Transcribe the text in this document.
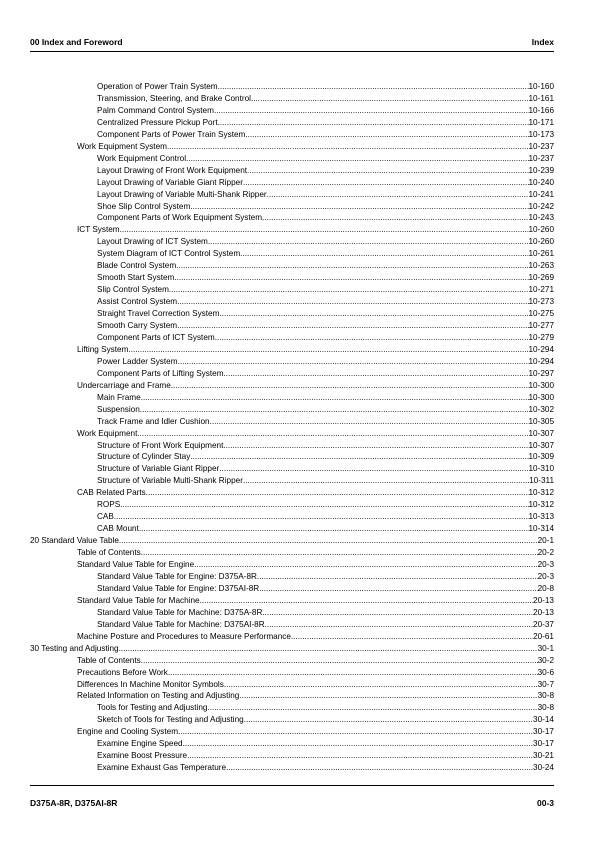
00 Index and Foreword	Index
Operation of Power Train System .....	10-160
Transmission, Steering, and Brake Control .....	10-161
Palm Command Control System .....	10-166
Centralized Pressure Pickup Port .....	10-171
Component Parts of Power Train System .....	10-173
Work Equipment System .....	10-237
Work Equipment Control .....	10-237
Layout Drawing of Front Work Equipment .....	10-239
Layout Drawing of Variable Giant Ripper .....	10-240
Layout Drawing of Variable Multi-Shank Ripper .....	10-241
Shoe Slip Control System .....	10-242
Component Parts of Work Equipment System .....	10-243
ICT System .....	10-260
Layout Drawing of ICT System .....	10-260
System Diagram of ICT Control System .....	10-261
Blade Control System .....	10-263
Smooth Start System .....	10-269
Slip Control System .....	10-271
Assist Control System .....	10-273
Straight Travel Correction System .....	10-275
Smooth Carry System .....	10-277
Component Parts of ICT System .....	10-279
Lifting System .....	10-294
Power Ladder System .....	10-294
Component Parts of Lifting System .....	10-297
Undercarriage and Frame .....	10-300
Main Frame .....	10-300
Suspension .....	10-302
Track Frame and Idler Cushion .....	10-305
Work Equipment .....	10-307
Structure of Front Work Equipment .....	10-307
Structure of Cylinder Stay .....	10-309
Structure of Variable Giant Ripper .....	10-310
Structure of Variable Multi-Shank Ripper .....	10-311
CAB Related Parts .....	10-312
ROPS .....	10-312
CAB .....	10-313
CAB Mount .....	10-314
20 Standard Value Table .....	20-1
Table of Contents .....	20-2
Standard Value Table for Engine .....	20-3
Standard Value Table for Engine: D375A-8R .....	20-3
Standard Value Table for Engine: D375AI-8R .....	20-8
Standard Value Table for Machine .....	20-13
Standard Value Table for Machine: D375A-8R .....	20-13
Standard Value Table for Machine: D375AI-8R .....	20-37
Machine Posture and Procedures to Measure Performance .....	20-61
30 Testing and Adjusting .....	30-1
Table of Contents .....	30-2
Precautions Before Work .....	30-6
Differences In Machine Monitor Symbols .....	30-7
Related Information on Testing and Adjusting .....	30-8
Tools for Testing and Adjusting .....	30-8
Sketch of Tools for Testing and Adjusting .....	30-14
Engine and Cooling System .....	30-17
Examine Engine Speed .....	30-17
Examine Boost Pressure .....	30-21
Examine Exhaust Gas Temperature .....	30-24
D375A-8R, D375AI-8R	00-3
